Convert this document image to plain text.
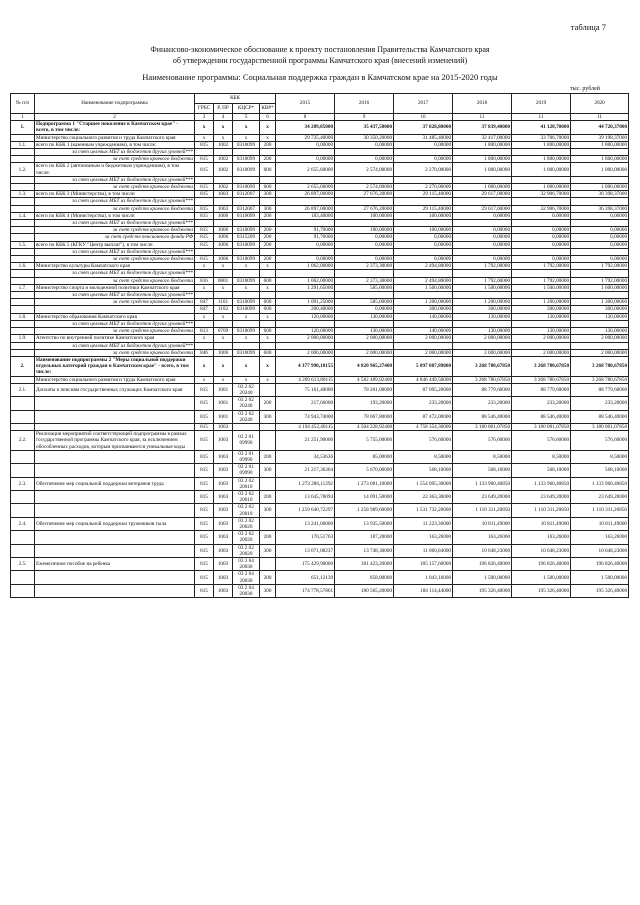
таблица 7
Финансово-экономическое обоснование к проекту постановления Правительства Камчатского края
об утверждении государственной программы Камчатского края (внесений изменений)
Наименование программы: Социальная поддержка граждан в Камчатском крае на 2015-2020 годы
тыс. рублей
№ п/п	Наименование подпрограммы	КБК				2015	2016	2017	2018	2019	2020
		ГРБС	Р, ПР	КЦСР*	КВР*						
1	2	3	4	5	6	8	9	10	11	11	11
1.	Подпрограмма 1 "Старшее поколение в Камчатском крае" - всего, в том числе:	х	х	х	х	34 209,85000	35 437,50000	37 828,80000	37 839,40000	41 128,70000	44 720,37000
	Министерство социального развития и труда Камчатского края	х	х	х	х	29 735,40000	30 350,20000	31 485,40000	32 417,00000	33 706,70000	39 198,37000
1.1.	всего по КБК 1 (казенным учреждениям), в том числе:	815	1002	0310099	200	0,00000	0,00000	0,00000	1 800,00000	1 800,00000	1 800,00000
	за счет целевых МБТ из бюджетов других уровней***										
	за счет средств краевого бюджета	815	1002	0310099	200	0,00000	0,00000	0,00000	1 800,00000	1 800,00000	1 800,00000
1.2.	всего по КБК 2 (автономным и бюджетным учреждениям), в том числе:	815	1002	0310099	600	2 655,60000	2 574,00000	2 270,00000	1 000,00000	1 000,00000	1 000,00000
	за счет целевых МБТ из бюджетов других уровней***										
	за счет средств краевого бюджета	815	1002	0310099	600	2 655,60000	2 574,00000	2 270,00000	1 000,00000	1 000,00000	1 000,00000
1.3.	всего по КБК 3 (Министерства), в том числе:	815	1003	0312007	300	26 897,00000	27 676,20000	29 115,40000	29 617,00000	32 906,70000	36 398,37000
	за счет целевых МБТ из бюджетов других уровней***										
	за счет средств краевого бюджета	815	1003	0312007	300	26 897,00000	27 676,20000	29 115,40000	29 617,00000	32 906,70000	36 398,37000
1.4.	всего по КБК 4 (Министерства), в том числе:	815	1006	0310099	200	183,40000	100,00000	100,00000	0,00000	0,00000	0,00000
	за счет целевых МБТ из бюджетов других уровней***										
	за счет средств краевого бюджета	815	1006	0310099	200	91,70000	100,00000	100,00000	0,00000	0,00000	0,00000
	за счет средств пенсионного фонда РФ	815	1006	0315209	200	91,70000	0,00000	0,00000	0,00000	0,00000	0,00000
1.5.	всего по КБК 5 (КГКУ "Центр выплат"), в том числе:	815	1006	0310099	200	0,00000	0,00000	0,00000	0,00000	0,00000	0,00000
	за счет целевых МБТ из бюджетов других уровней***										
	за счет средств краевого бюджета	815	1006	0310099	200	0,00000	0,00000	0,00000	0,00000	0,00000	0,00000
1.6.	Министерство культуры Камчатского края	х	х	х	х	1 062,00000	2 373,30000	2 494,80000	1 792,00000	1 792,00000	1 792,00000
	за счет целевых МБТ из бюджетов других уровней***										
	за счет средств краевого бюджета	816	0801	0310099	600	1 062,00000	2 373,30000	2 494,80000	1 792,00000	1 792,00000	1 792,00000
1.7.	Министерство спорта и молодежной политики Камчатского края	х	х	х	х	1 291,65000	585,00000	1 500,00000	1 500,00000	1 500,00000	1 600,00000
	за счет целевых МБТ из бюджетов других уровней***										
	за счет средств краевого бюджета	847	1101	0310099	600	1 091,25000	585,00000	1 200,00000	1 200,00000	1 200,00000	1 300,00000
		847	1102	0310099	600	200,40000	0,00000	300,00000	300,00000	300,00000	300,00000
1.8.	Министерство образования Камчатского края	х	х	х	х	120,00000	130,00000	140,00000	130,00000	130,00000	130,00000
	за счет целевых МБТ из бюджетов других уровней***										
	за счет средств краевого бюджета	813	0709	0310099	600	120,00000	130,00000	140,00000	130,00000	130,00000	130,00000
1.9.	Агентство по внутренней политике Камчатского края	х	х	х	х	2 000,00000	2 000,00000	2 000,00000	2 000,00000	2 000,00000	2 000,00000
	за счет целевых МБТ из бюджетов других уровней***										
	за счет средств краевого бюджета	846	1006	0310099	600	2 000,00000	2 000,00000	2 000,00000	2 000,00000	2 000,00000	2 000,00000
2.	Наименование подпрограммы 2 "Меры социальной поддержки отдельных категорий граждан в Камчатском крае" - всего, в том числе:	х	х	х	х	4 377 990,18155	4 820 965,27400	5 097 087,89000	3 268 780,67850	3 268 780,67850	3 268 780,67850
	Министерство социального развития и труда Камчатского края	х	х	х	х	4 269 613,80115	4 582 489,92400	4 846 449,50000	3 268 780,67850	3 268 780,67850	3 268 780,67850
2.1.	Доплаты к пенсиям государственных служащих Камчатского края	815	1001	03 2 02 20240		75 161,40000	78 261,00000	87 095,20000	88 779,60000	88 779,60000	88 779,60000
		815	1001	03 2 02 20240	200	217,66000	193,20000	233,20000	233,20000	233,20000	233,20000
		815	1001	03 2 02 20240	300	74 943,74000	78 067,80000	87 472,00000	88 546,40000	88 546,40000	88 546,40000
		815	1003			4 194 452,40115	4 504 228,92400	4 758 354,30000	3 180 001,07850	3 180 001,07850	3 180 001,07850
2.2.	Реализация мероприятий соответствующей подпрограммы в рамках государственной программы Камчатского края, за исключением обособленных расходов, которым присваиваются уникальные коды	815	1003	03 2 01 09990		21 251,90000	5 755,00000	576,60000	576,60000	576,60000	576,60000
		815	1003	03 2 01 09990	200	34,53636	85,00000	8,50000	8,50000	8,50000	8,50000
		815	1003	03 2 01 09990	300	21 217,36364	5 670,00000	568,10000	568,10000	568,10000	568,10000
2.3.	Обеспечение мер социальной поддержки ветеранов труда	815	1003	03 2 02 20010		1 273 286,11292	1 273 081,10000	1 554 095,30000	1 133 960,40850	1 133 960,40850	1 133 960,40850
		815	1003	03 2 02 20010	200	13 645,78094	14 091,50000	22 363,30000	23 649,20000	23 649,20000	23 649,20000
		815	1003	03 2 02 20010	300	1 259 640,72297	1 258 989,60000	1 531 732,20000	1 110 311,20850	1 110 311,20850	1 110 311,20850
2.4.	Обеспечение мер социальной поддержки тружеников тыла	815	1003	03 2 02 20020		13 241,60000	13 935,50000	11 223,30000	10 811,49000	10 811,49000	10 811,49000
		815	1003	03 2 02 20020	200	170,51763	187,20000	163,26000	163,26000	163,26000	163,26000
		815	1003	03 2 02 20020	300	13 071,08237	13 748,30000	11 060,04000	10 648,23000	10 648,23000	10 648,23000
2.5.	Ежемесячное пособие на ребенка	815	1003	03 2 04 20030		175 429,90000	181 423,20000	185 157,60000	196 826,40000	196 826,40000	196 826,40000
		815	1003	03 2 04 20030	200	651,12139	858,00000	1 043,16000	1 500,00000	1 500,00000	1 500,00000
		815	1003	03 2 04 20030	300	174 778,57861	180 565,20000	184 114,44000	195 326,40000	195 326,40000	195 326,40000
